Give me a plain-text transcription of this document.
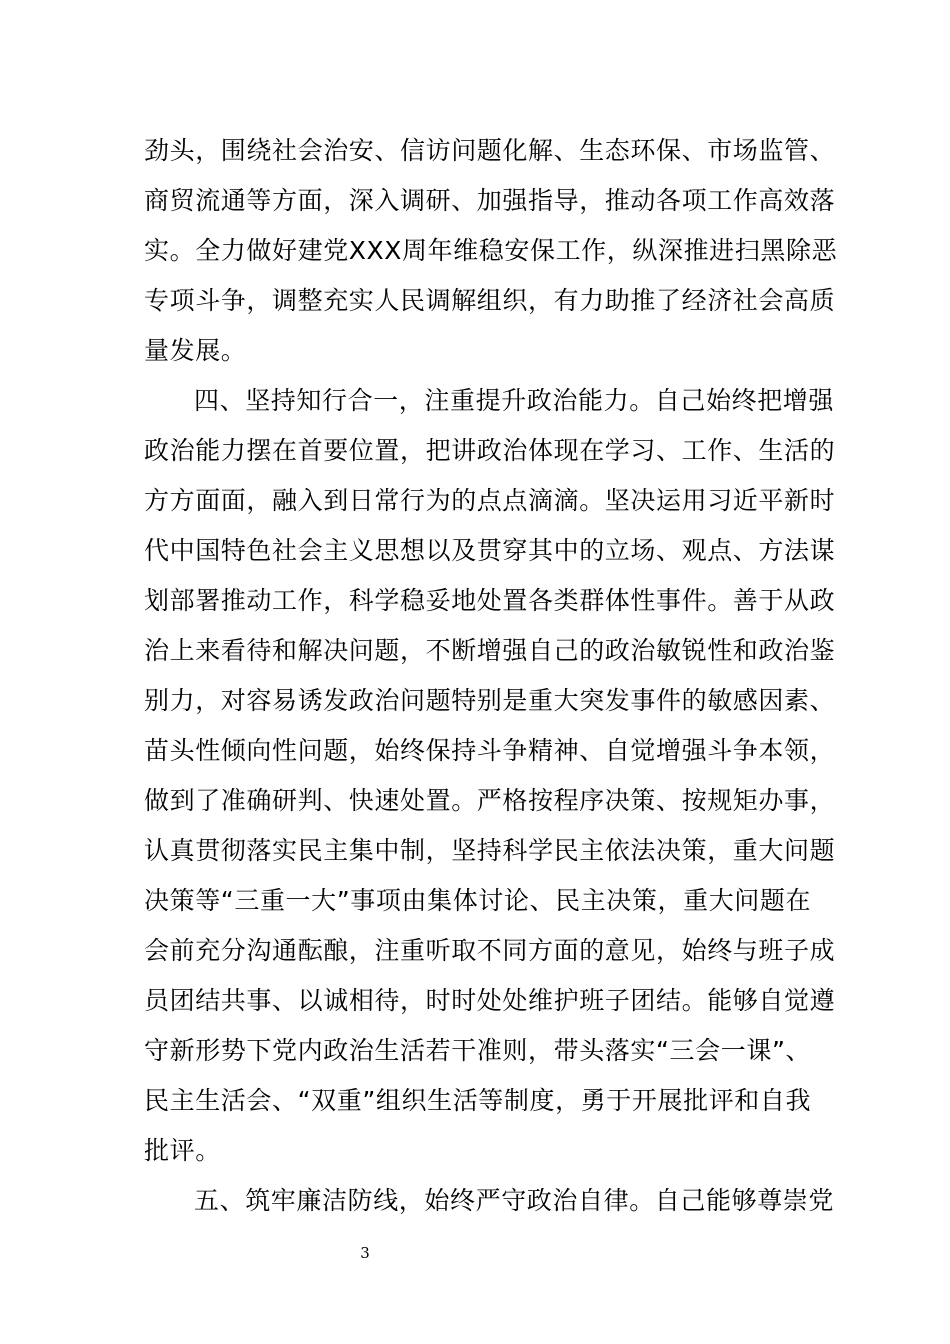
劲头，围绕社会治安、信访问题化解、生态环保、市场监管、
商贸流通等方面，深入调研、加强指导，推动各项工作高效落
实。全力做好建党XXX周年维稳安保工作，纵深推进扫黑除恶
专项斗争，调整充实人民调解组织，有力助推了经济社会高质
量发展。
四、坚持知行合一，注重提升政治能力。自己始终把增强
政治能力摆在首要位置，把讲政治体现在学习、工作、生活的
方方面面，融入到日常行为的点点滴滴。坚决运用习近平新时
代中国特色社会主义思想以及贯穿其中的立场、观点、方法谋
划部署推动工作，科学稳妥地处置各类群体性事件。善于从政
治上来看待和解决问题，不断增强自己的政治敏锐性和政治鉴
别力，对容易诱发政治问题特别是重大突发事件的敏感因素、
苗头性倾向性问题，始终保持斗争精神、自觉增强斗争本领，
做到了准确研判、快速处置。严格按程序决策、按规矩办事，
认真贯彻落实民主集中制，坚持科学民主依法决策，重大问题
决策等“三重一大”事项由集体讨论、民主决策，重大问题在
会前充分沟通酝酿，注重听取不同方面的意见，始终与班子成
员团结共事、以诚相待，时时处处维护班子团结。能够自觉遵
守新形势下党内政治生活若干准则，带头落实“三会一课”、
民主生活会、“双重”组织生活等制度，勇于开展批评和自我
批评。
五、筑牢廉洁防线，始终严守政治自律。自己能够尊崇党
3
